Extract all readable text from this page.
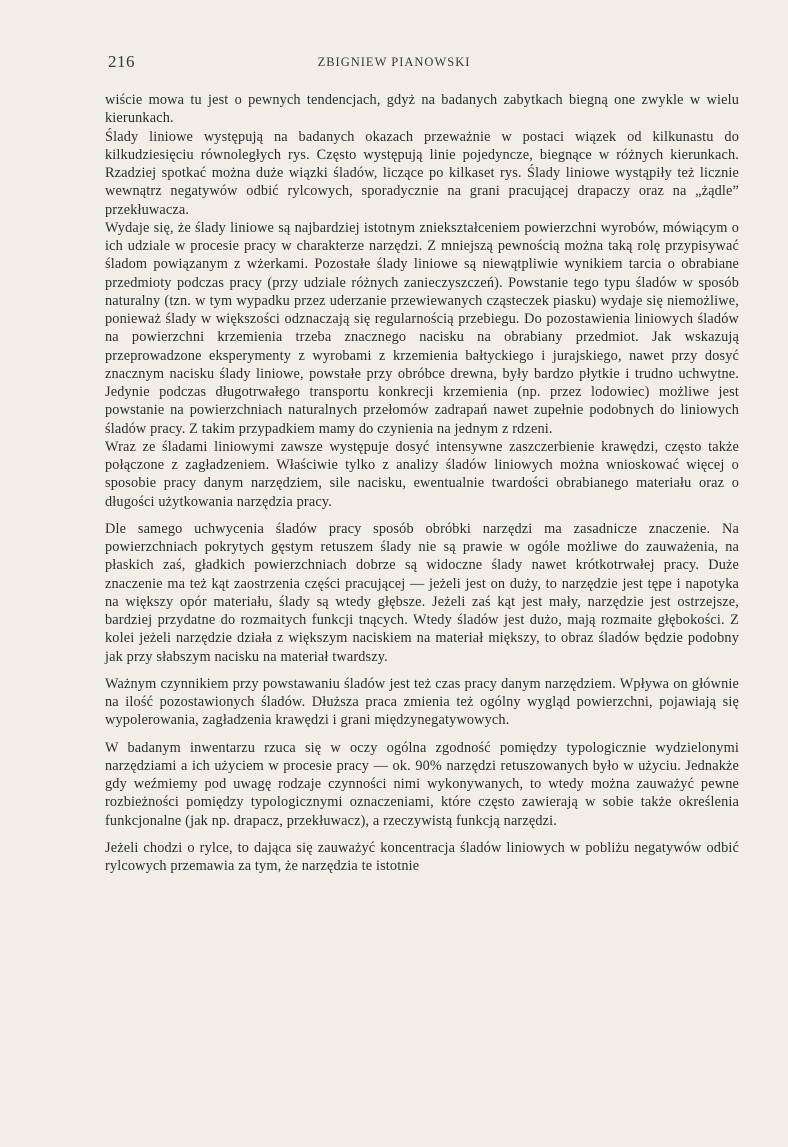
216	ZBIGNIEW PIANOWSKI

wiście mowa tu jest o pewnych tendencjach, gdyż na badanych zabytkach biegną one zwykle w wielu kierunkach.

Ślady liniowe występują na badanych okazach przeważnie w postaci wiązek od kilkunastu do kilkudziesięciu równoległych rys. Często występują linie pojedyncze, biegnące w różnych kierunkach. Rzadziej spotkać można duże wiązki śladów, liczące po kilkaset rys. Ślady liniowe wystąpiły też licznie wewnątrz negatywów odbić rylcowych, sporadycznie na grani pracującej drapaczy oraz na „żądle” przekłuwacza.

Wydaje się, że ślady liniowe są najbardziej istotnym zniekształceniem powierzchni wyrobów, mówiącym o ich udziale w procesie pracy w charakterze narzędzi. Z mniejszą pewnością można taką rolę przypisywać śladom powiązanym z wżerkami. Pozostałe ślady liniowe są niewątpliwie wynikiem tarcia o obrabiane przedmioty podczas pracy (przy udziale różnych zanieczyszczeń). Powstanie tego typu śladów w sposób naturalny (tzn. w tym wypadku przez uderzanie przewiewanych cząsteczek piasku) wydaje się niemożliwe, ponieważ ślady w większości odznaczają się regularnością przebiegu. Do pozostawienia liniowych śladów na powierzchni krzemienia trzeba znacznego nacisku na obrabiany przedmiot. Jak wskazują przeprowadzone eksperymenty z wyrobami z krzemienia bałtyckiego i jurajskiego, nawet przy dosyć znacznym nacisku ślady liniowe, powstałe przy obróbce drewna, były bardzo płytkie i trudno uchwytne. Jedynie podczas długotrwałego transportu konkrecji krzemienia (np. przez lodowiec) możliwe jest powstanie na powierzchniach naturalnych przełomów zadrapań nawet zupełnie podobnych do liniowych śladów pracy. Z takim przypadkiem mamy do czynienia na jednym z rdzeni.

Wraz ze śladami liniowymi zawsze występuje dosyć intensywne zaszczerbienie krawędzi, często także połączone z zagładzeniem. Właściwie tylko z analizy śladów liniowych można wnioskować więcej o sposobie pracy danym narzędziem, sile nacisku, ewentualnie twardości obrabianego materiału oraz o długości użytkowania narzędzia pracy.

Dle samego uchwycenia śladów pracy sposób obróbki narzędzi ma zasadnicze znaczenie. Na powierzchniach pokrytych gęstym retuszem ślady nie są prawie w ogóle możliwe do zauważenia, na płaskich zaś, gładkich powierzchniach dobrze są widoczne ślady nawet krótkotrwałej pracy. Duże znaczenie ma też kąt zaostrzenia części pracującej — jeżeli jest on duży, to narzędzie jest tępe i napotyka na większy opór materiału, ślady są wtedy głębsze. Jeżeli zaś kąt jest mały, narzędzie jest ostrzejsze, bardziej przydatne do rozmaitych funkcji tnących. Wtedy śladów jest dużo, mają rozmaite głębokości. Z kolei jeżeli narzędzie działa z większym naciskiem na materiał miększy, to obraz śladów będzie podobny jak przy słabszym nacisku na materiał twardszy.

Ważnym czynnikiem przy powstawaniu śladów jest też czas pracy danym narzędziem. Wpływa on głównie na ilość pozostawionych śladów. Dłuższa praca zmienia też ogólny wygląd powierzchni, pojawiają się wypolerowania, zagładzenia krawędzi i grani międzynegatywowych.

W badanym inwentarzu rzuca się w oczy ogólna zgodność pomiędzy typologicznie wydzielonymi narzędziami a ich użyciem w procesie pracy — ok. 90% narzędzi retuszowanych było w użyciu. Jednakże gdy weźmiemy pod uwagę rodzaje czynności nimi wykonywanych, to wtedy można zauważyć pewne rozbieżności pomiędzy typologicznymi oznaczeniami, które często zawierają w sobie także określenia funkcjonalne (jak np. drapacz, przekłuwacz), a rzeczywistą funkcją narzędzi.

Jeżeli chodzi o rylce, to dająca się zauważyć koncentracja śladów liniowych w pobliżu negatywów odbić rylcowych przemawia za tym, że narzędzia te istotnie
